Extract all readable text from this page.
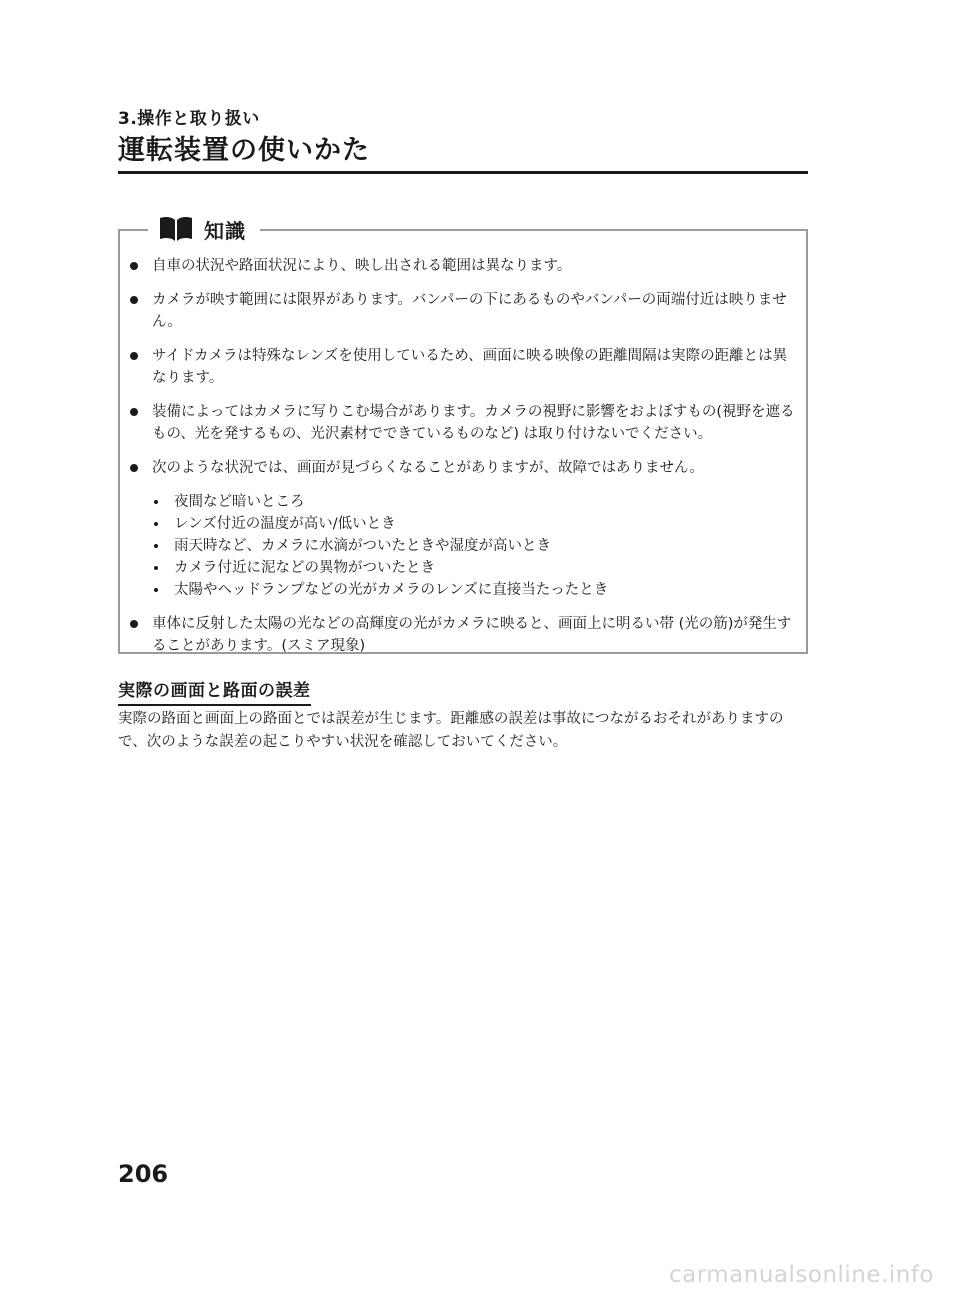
3.操作と取り扱い
運転装置の使いかた
知識
自車の状況や路面状況により、映し出される範囲は異なります。
カメラが映す範囲には限界があります。バンパーの下にあるものやバンパーの両端付近は映りません。
サイドカメラは特殊なレンズを使用しているため、画面に映る映像の距離間隔は実際の距離とは異なります。
装備によってはカメラに写りこむ場合があります。カメラの視野に影響をおよぼすもの(視野を遮るもの、光を発するもの、光沢素材でできているものなど) は取り付けないでください。
次のような状況では、画面が見づらくなることがありますが、故障ではありません。
夜間など暗いところ
レンズ付近の温度が高い/低いとき
雨天時など、カメラに水滴がついたときや湿度が高いとき
カメラ付近に泥などの異物がついたとき
太陽やヘッドランプなどの光がカメラのレンズに直接当たったとき
車体に反射した太陽の光などの高輝度の光がカメラに映ると、画面上に明るい帯 (光の筋)が発生することがあります。(スミア現象)
実際の画面と路面の誤差

実際の路面と画面上の路面とでは誤差が生じます。距離感の誤差は事故につながるおそれがありますので、次のような誤差の起こりやすい状況を確認しておいてください。

206
carmanualsonline.info
